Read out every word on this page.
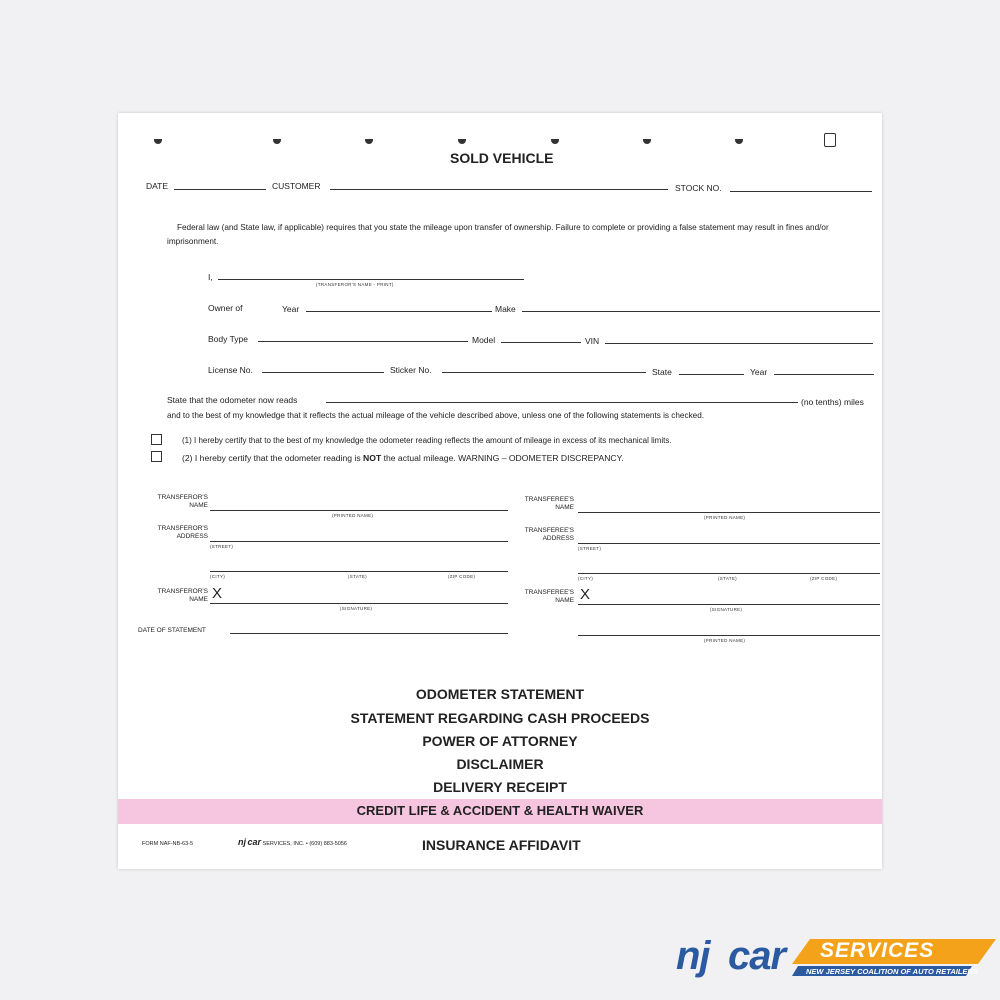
SOLD VEHICLE
DATE	CUSTOMER	STOCK NO.
Federal law (and State law, if applicable) requires that you state the mileage upon transfer of ownership. Failure to complete or providing a false statement may result in fines and/or imprisonment.
I,
(TRANSFEROR'S NAME - PRINT)
Owner of	Year	Make
Body Type	Model	VIN
License No.	Sticker No.	State	Year
State that the odometer now reads	(no tenths) miles
and to the best of my knowledge that it reflects the actual mileage of the vehicle described above, unless one of the following statements is checked.
(1) I hereby certify that to the best of my knowledge the odometer reading reflects the amount of mileage in excess of its mechanical limits.
(2) I hereby certify that the odometer reading is NOT the actual mileage. WARNING – ODOMETER DISCREPANCY.
TRANSFEROR'S
NAME
(PRINTED NAME)
TRANSFEROR'S
ADDRESS
(STREET)
(CITY)	(STATE)	(ZIP CODE)
TRANSFEROR'S
NAME X
(SIGNATURE)
DATE OF STATEMENT
TRANSFEREE'S
NAME
(PRINTED NAME)
TRANSFEREE'S
ADDRESS
(STREET)
(CITY)	(STATE)	(ZIP CODE)
TRANSFEREE'S
NAME X
(SIGNATURE)
(PRINTED NAME)
ODOMETER STATEMENT
STATEMENT REGARDING CASH PROCEEDS
POWER OF ATTORNEY
DISCLAIMER
DELIVERY RECEIPT
CREDIT LIFE & ACCIDENT & HEALTH WAIVER
INSURANCE AFFIDAVIT
FORM NAF-NB-63-5	nj car SERVICES, INC. • (609) 883-5056
nj car SERVICES
NEW JERSEY COALITION OF AUTO RETAILERS
